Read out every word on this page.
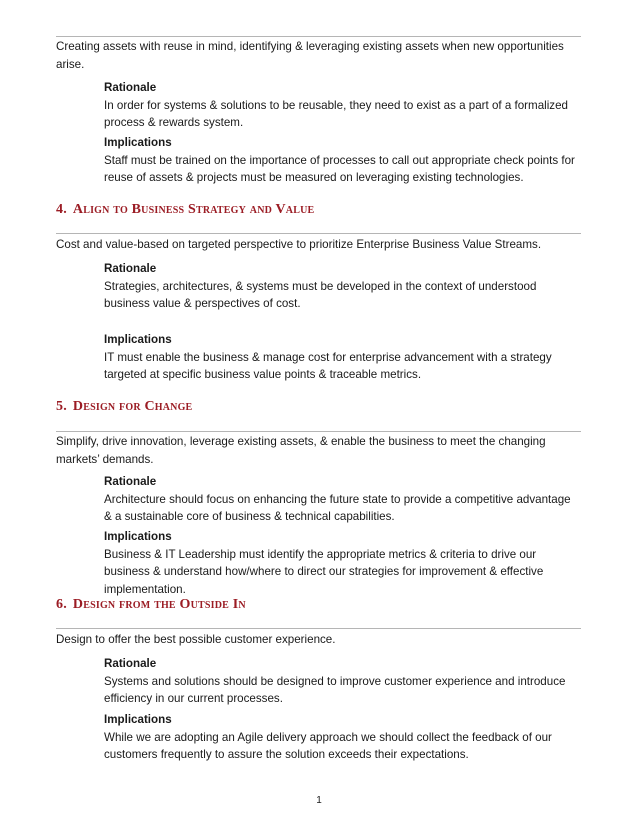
Creating assets with reuse in mind, identifying & leveraging existing assets when new opportunities arise.

Rationale

In order for systems & solutions to be reusable, they need to exist as a part of a formalized process & rewards system.

Implications

Staff must be trained on the importance of processes to call out appropriate check points for reuse of assets & projects must be measured on leveraging existing technologies.

4. Align to Business Strategy and Value

Cost and value-based on targeted perspective to prioritize Enterprise Business Value Streams.

Rationale

Strategies, architectures, & systems must be developed in the context of understood business value & perspectives of cost.

Implications

IT must enable the business & manage cost for enterprise advancement with a strategy targeted at specific business value points & traceable metrics.

5. Design for Change

Simplify, drive innovation, leverage existing assets, & enable the business to meet the changing markets’ demands.

Rationale

Architecture should focus on enhancing the future state to provide a competitive advantage & a sustainable core of business & technical capabilities.

Implications

Business & IT Leadership must identify the appropriate metrics & criteria to drive our business & understand how/where to direct our strategies for improvement & effective implementation.

6. Design from the Outside In

Design to offer the best possible customer experience.

Rationale

Systems and solutions should be designed to improve customer experience and introduce efficiency in our current processes.

Implications

While we are adopting an Agile delivery approach we should collect the feedback of our customers frequently to assure the solution exceeds their expectations.

1
